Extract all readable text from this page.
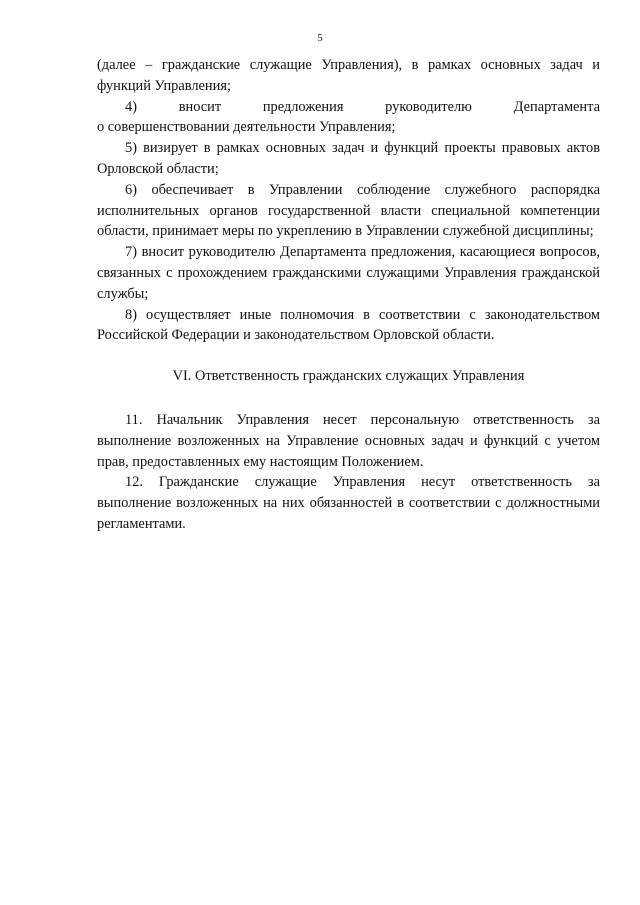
5

(далее – гражданские служащие Управления), в рамках основных задач и функций Управления;

4) вносит предложения руководителю Департамента

о совершенствовании деятельности Управления;

5) визирует в рамках основных задач и функций проекты правовых актов Орловской области;

6) обеспечивает в Управлении соблюдение служебного распорядка исполнительных органов государственной власти специальной компетенции области, принимает меры по укреплению в Управлении служебной дисциплины;

7) вносит руководителю Департамента предложения, касающиеся вопросов, связанных с прохождением гражданскими служащими Управления гражданской службы;

8) осуществляет иные полномочия в соответствии с законодательством Российской Федерации и законодательством Орловской области.

VI. Ответственность гражданских служащих Управления

11. Начальник Управления несет персональную ответственность за выполнение возложенных на Управление основных задач и функций с учетом прав, предоставленных ему настоящим Положением.

12. Гражданские служащие Управления несут ответственность за выполнение возложенных на них обязанностей в соответствии с должностными регламентами.
